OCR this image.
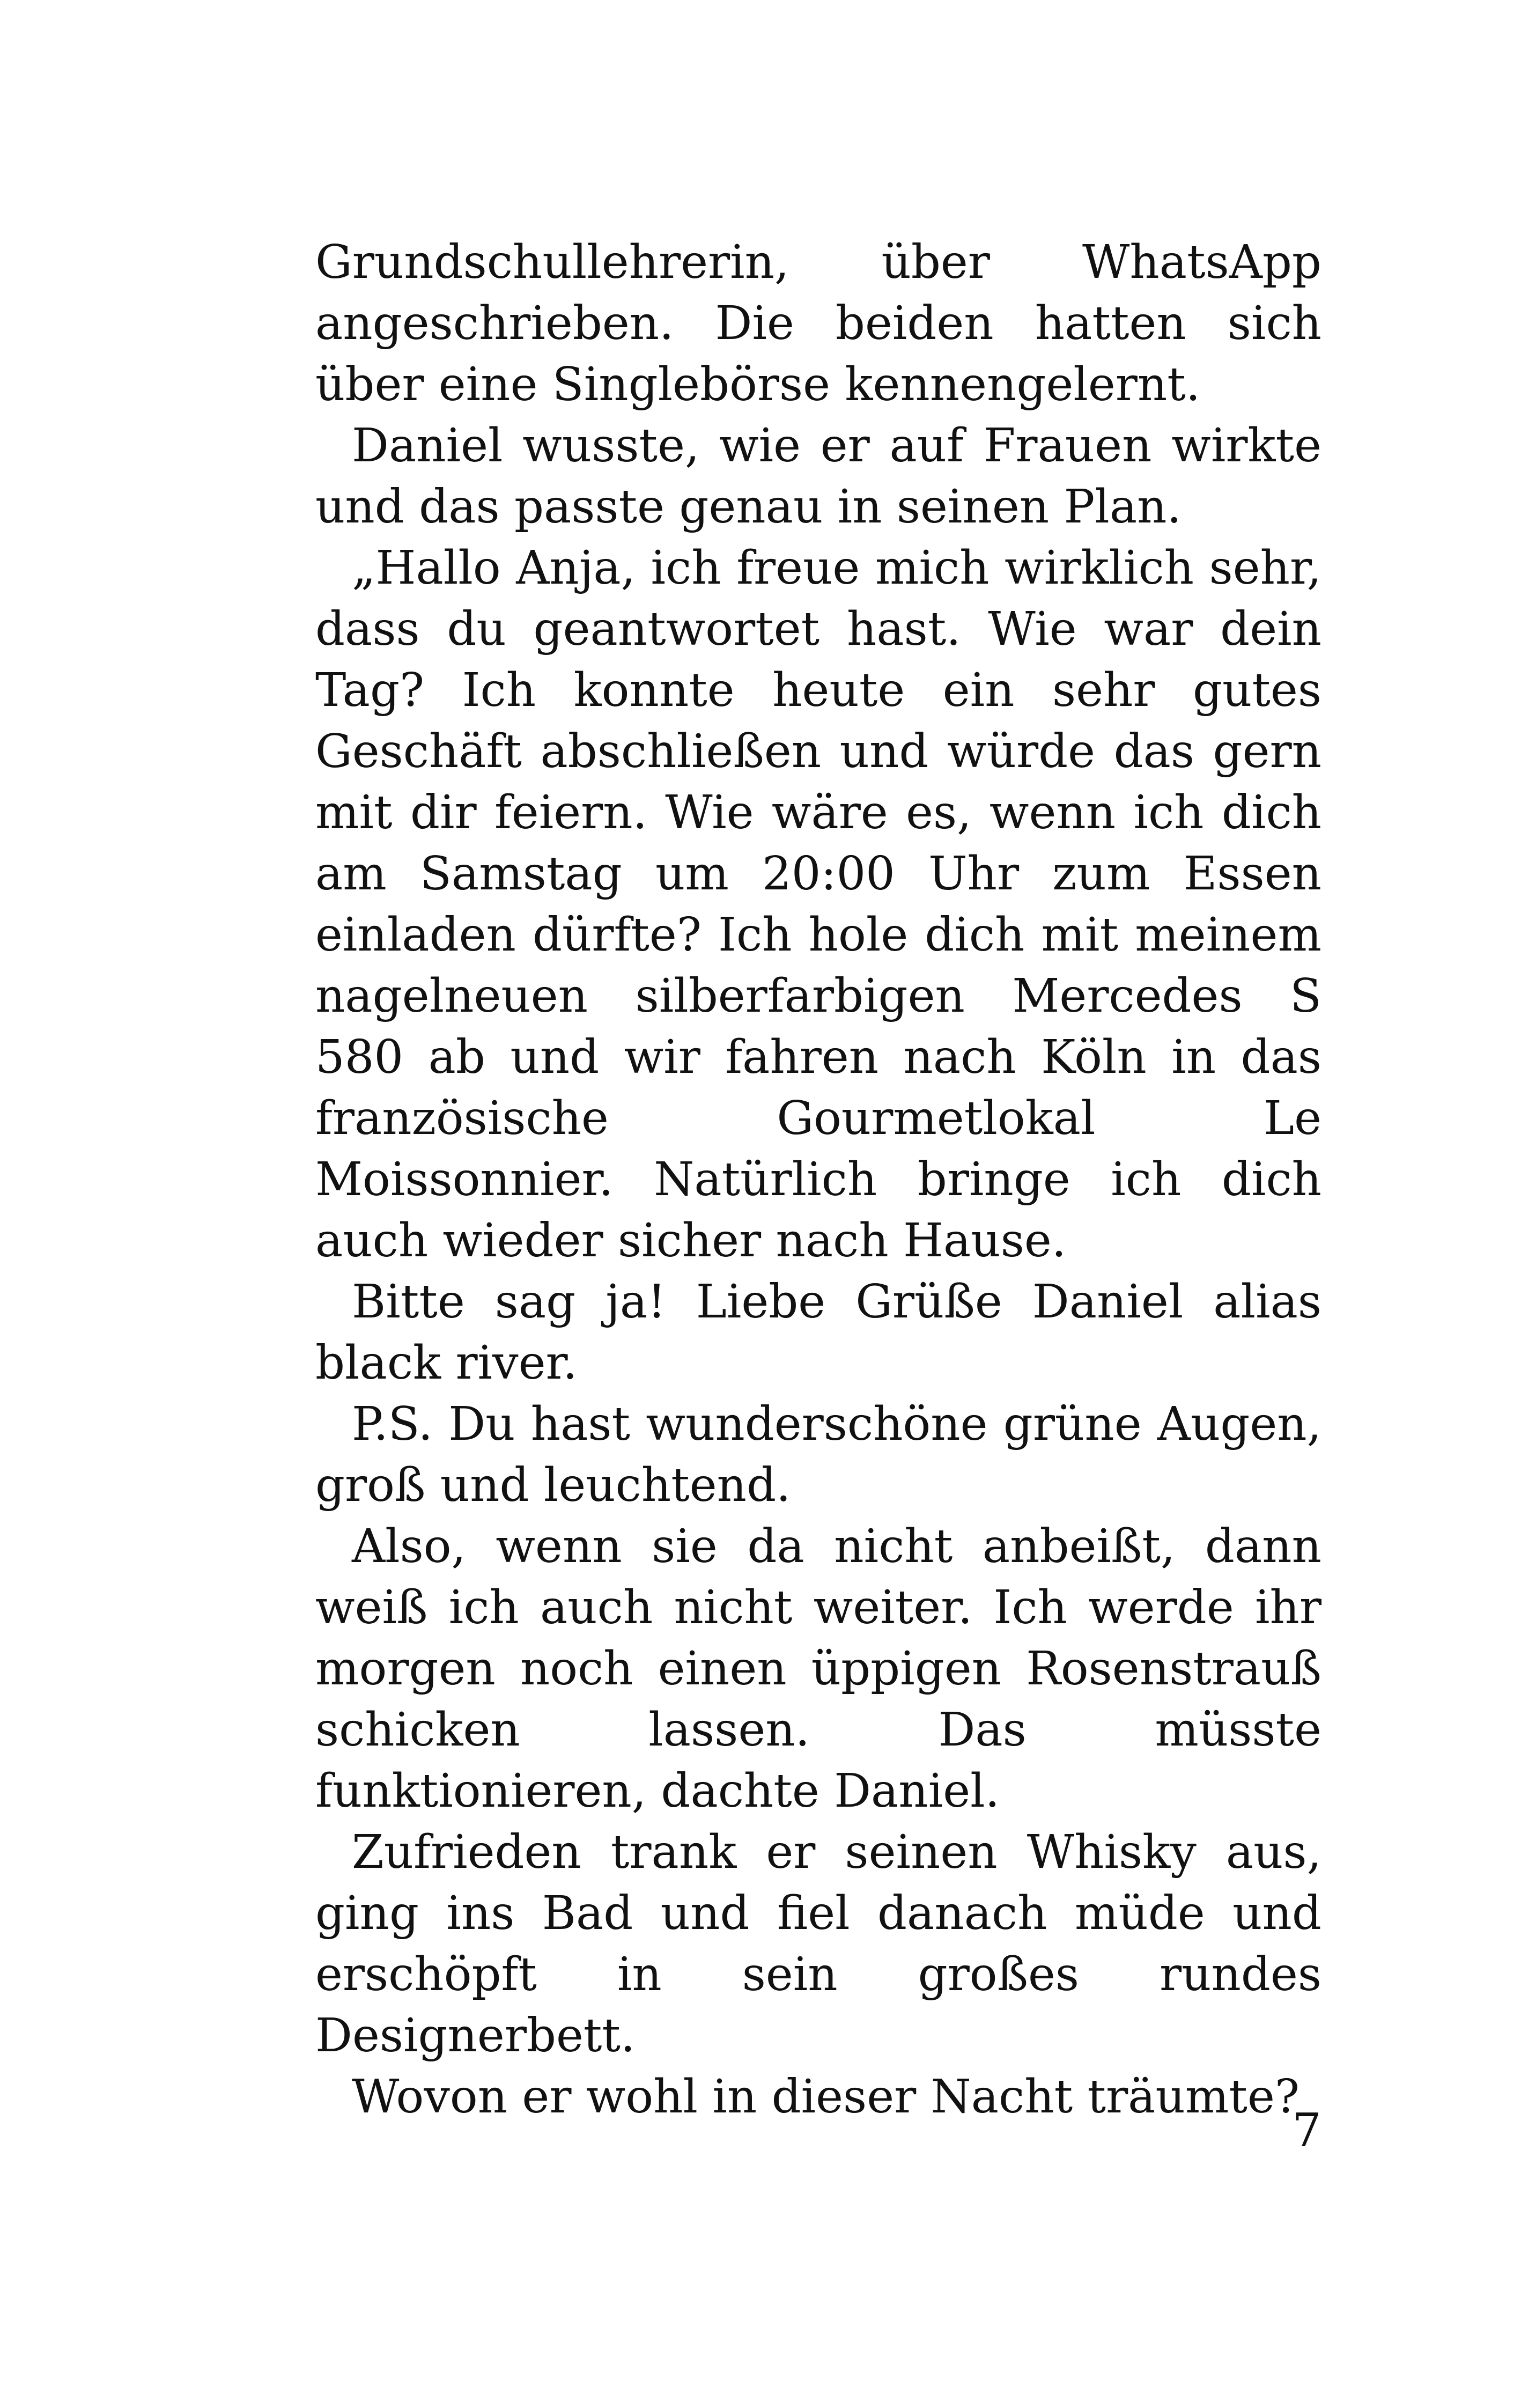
Grundschullehrerin, über WhatsApp angeschrieben. Die beiden hatten sich über eine Singlebörse kennengelernt.

Daniel wusste, wie er auf Frauen wirkte und das passte genau in seinen Plan.

„Hallo Anja, ich freue mich wirklich sehr, dass du geantwortet hast. Wie war dein Tag? Ich konnte heute ein sehr gutes Geschäft abschließen und würde das gern mit dir feiern. Wie wäre es, wenn ich dich am Samstag um 20:00 Uhr zum Essen einladen dürfte? Ich hole dich mit meinem nagelneuen silberfarbigen Mercedes S 580 ab und wir fahren nach Köln in das französische Gourmetlokal Le Moissonnier. Natürlich bringe ich dich auch wieder sicher nach Hause.

Bitte sag ja! Liebe Grüße Daniel alias black river.

P.S. Du hast wunderschöne grüne Augen, groß und leuchtend.

Also, wenn sie da nicht anbeißt, dann weiß ich auch nicht weiter. Ich werde ihr morgen noch einen üppigen Rosenstrauß schicken lassen. Das müsste funktionieren, dachte Daniel.

Zufrieden trank er seinen Whisky aus, ging ins Bad und fiel danach müde und erschöpft in sein großes rundes Designerbett.

Wovon er wohl in dieser Nacht träumte?

7
